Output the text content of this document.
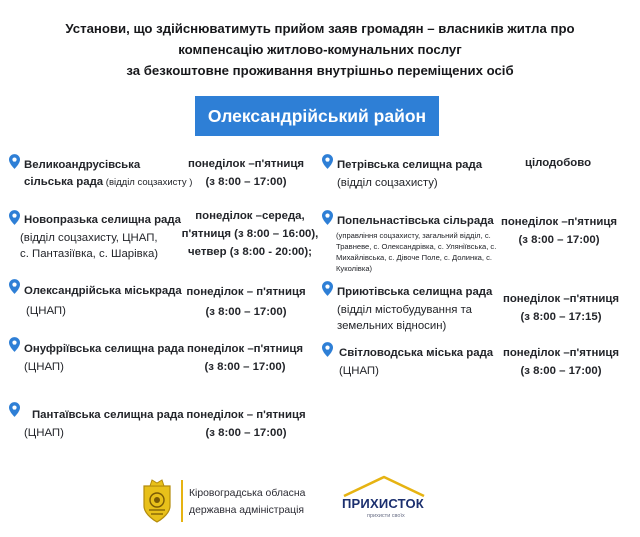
Установи, що здійснюватимуть прийом заяв громадян – власників житла про
компенсацію житлово-комунальних послуг
за безкоштовне проживання внутрішньо переміщених осіб
Олександрійський район
Великоандрусівська
сільська рада (відділ соцзахисту )
понеділок –п'ятниця
(з 8:00 – 17:00)
Новопразька селищна рада
(відділ соцзахисту, ЦНАП,
с. Пантазіївка, с. Шарівка)
понеділок –середа,
п'ятниця (з 8:00 – 16:00),
четвер (з 8:00 - 20:00);
Олександрійська міськрада
(ЦНАП)
понеділок – п'ятниця
(з 8:00 – 17:00)
Онуфріївська селищна рада
(ЦНАП)
понеділок –п'ятниця
(з 8:00 – 17:00)
Пантаївська селищна рада
(ЦНАП)
понеділок – п'ятниця
(з 8:00 – 17:00)
Петрівська селищна рада
(відділ соцзахисту)
цілодобово
Попельнастівська сільрада
(управління соцзахисту, загальний відділ, с.
Травневе, с. Олександрівка, с. Уляніївська, с.
Михайлівська, с. Дівоче Поле, с. Долинка, с.
Куколівка)
понеділок –п'ятниця
(з 8:00 – 17:00)
Приютівська селищна рада
(відділ містобудування та
земельних відносин)
понеділок –п'ятниця
(з 8:00 – 17:15)
Світловодська міська рада
(ЦНАП)
понеділок –п'ятниця
(з 8:00 – 17:00)
Кіровоградська обласна
державна адміністрація	ПРИХИСТОК
прихисти своїх
